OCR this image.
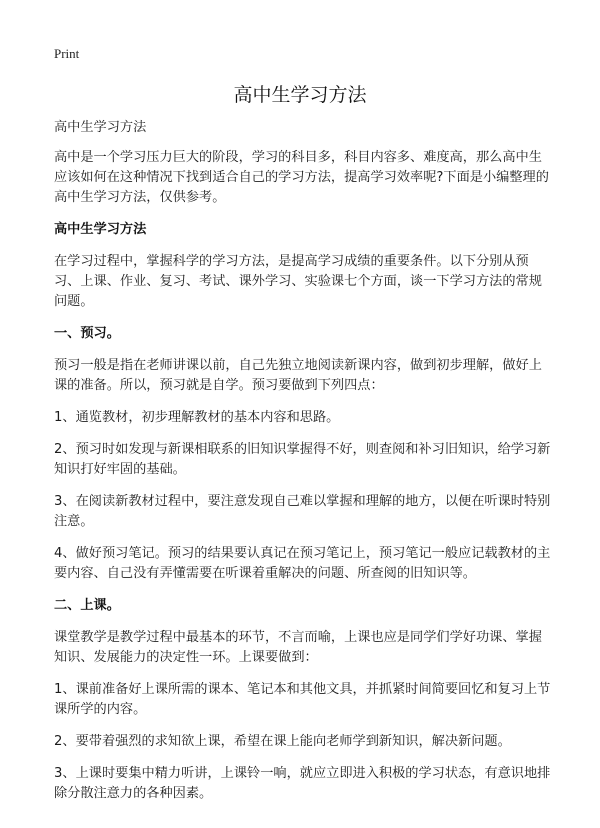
Print
高中生学习方法

高中生学习方法

高中是一个学习压力巨大的阶段，学习的科目多，科目内容多、难度高，那么高中生应该如何在这种情况下找到适合自己的学习方法，提高学习效率呢?下面是小编整理的高中生学习方法，仅供参考。

高中生学习方法

在学习过程中，掌握科学的学习方法，是提高学习成绩的重要条件。以下分别从预习、上课、作业、复习、考试、课外学习、实验课七个方面，谈一下学习方法的常规问题。

一、预习。

预习一般是指在老师讲课以前，自己先独立地阅读新课内容，做到初步理解，做好上课的准备。所以，预习就是自学。预习要做到下列四点：

1、通览教材，初步理解教材的基本内容和思路。

2、预习时如发现与新课相联系的旧知识掌握得不好，则查阅和补习旧知识，给学习新知识打好牢固的基础。

3、在阅读新教材过程中，要注意发现自己难以掌握和理解的地方，以便在听课时特别注意。

4、做好预习笔记。预习的结果要认真记在预习笔记上，预习笔记一般应记载教材的主要内容、自己没有弄懂需要在听课着重解决的问题、所查阅的旧知识等。

二、上课。

课堂教学是教学过程中最基本的环节，不言而喻，上课也应是同学们学好功课、掌握知识、发展能力的决定性一环。上课要做到：

1、课前准备好上课所需的课本、笔记本和其他文具，并抓紧时间简要回忆和复习上节课所学的内容。

2、要带着强烈的求知欲上课，希望在课上能向老师学到新知识，解决新问题。

3、上课时要集中精力听讲，上课铃一响，就应立即进入积极的学习状态，有意识地排除分散注意力的各种因素。
